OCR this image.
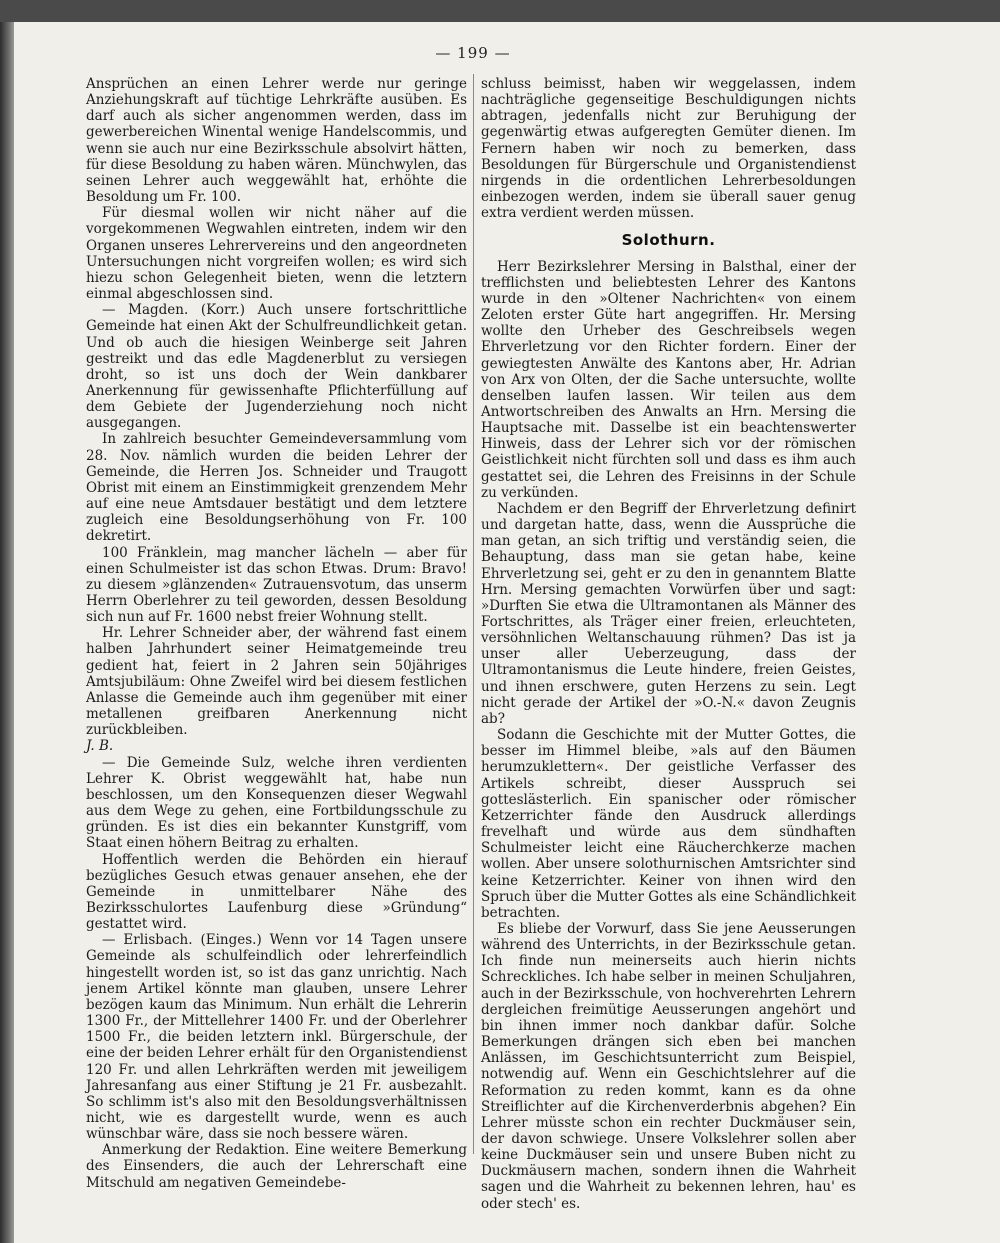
— 199 —

Ansprüchen an einen Lehrer werde nur geringe Anziehungskraft auf tüchtige Lehrkräfte ausüben. Es darf auch als sicher angenommen werden, dass im gewerbereichen Winental wenige Handelscommis, und wenn sie auch nur eine Bezirksschule absolvirt hätten, für diese Besoldung zu haben wären. Münchwylen, das seinen Lehrer auch weggewählt hat, erhöhte die Besoldung um Fr. 100.

Für diesmal wollen wir nicht näher auf die vorgekommenen Wegwahlen eintreten, indem wir den Organen unseres Lehrervereins und den angeordneten Untersuchungen nicht vorgreifen wollen; es wird sich hiezu schon Gelegenheit bieten, wenn die letztern einmal abgeschlossen sind.

— Magden. (Korr.) Auch unsere fortschrittliche Gemeinde hat einen Akt der Schulfreundlichkeit getan. Und ob auch die hiesigen Weinberge seit Jahren gestreikt und das edle Magdenerblut zu versiegen droht, so ist uns doch der Wein dankbarer Anerkennung für gewissenhafte Pflichterfüllung auf dem Gebiete der Jugenderziehung noch nicht ausgegangen.

In zahlreich besuchter Gemeindeversammlung vom 28. Nov. nämlich wurden die beiden Lehrer der Gemeinde, die Herren Jos. Schneider und Traugott Obrist mit einem an Einstimmigkeit grenzendem Mehr auf eine neue Amtsdauer bestätigt und dem letztere zugleich eine Besoldungserhöhung von Fr. 100 dekretirt.

100 Fränklein, mag mancher lächeln — aber für einen Schulmeister ist das schon Etwas. Drum: Bravo! zu diesem »glänzenden« Zutrauensvotum, das unserm Herrn Oberlehrer zu teil geworden, dessen Besoldung sich nun auf Fr. 1600 nebst freier Wohnung stellt.

Hr. Lehrer Schneider aber, der während fast einem halben Jahrhundert seiner Heimatgemeinde treu gedient hat, feiert in 2 Jahren sein 50jähriges Amtsjubiläum: Ohne Zweifel wird bei diesem festlichen Anlasse die Gemeinde auch ihm gegenüber mit einer metallenen greifbaren Anerkennung nicht zurückbleiben.

J. B.

— Die Gemeinde Sulz, welche ihren verdienten Lehrer K. Obrist weggewählt hat, habe nun beschlossen, um den Konsequenzen dieser Wegwahl aus dem Wege zu gehen, eine Fortbildungsschule zu gründen. Es ist dies ein bekannter Kunstgriff, vom Staat einen höhern Beitrag zu erhalten.

Hoffentlich werden die Behörden ein hierauf bezügliches Gesuch etwas genauer ansehen, ehe der Gemeinde in unmittelbarer Nähe des Bezirksschulortes Laufenburg diese »Gründung“ gestattet wird.

— Erlisbach. (Einges.) Wenn vor 14 Tagen unsere Gemeinde als schulfeindlich oder lehrerfeindlich hingestellt worden ist, so ist das ganz unrichtig. Nach jenem Artikel könnte man glauben, unsere Lehrer bezögen kaum das Minimum. Nun erhält die Lehrerin 1300 Fr., der Mittellehrer 1400 Fr. und der Oberlehrer 1500 Fr., die beiden letztern inkl. Bürgerschule, der eine der beiden Lehrer erhält für den Organistendienst 120 Fr. und allen Lehrkräften werden mit jeweiligem Jahresanfang aus einer Stiftung je 21 Fr. ausbezahlt. So schlimm ist's also mit den Besoldungsverhältnissen nicht, wie es dargestellt wurde, wenn es auch wünschbar wäre, dass sie noch bessere wären.

Anmerkung der Redaktion. Eine weitere Bemerkung des Einsenders, die auch der Lehrerschaft eine Mitschuld am negativen Gemeindebe-

schluss beimisst, haben wir weggelassen, indem nachträgliche gegenseitige Beschuldigungen nichts abtragen, jedenfalls nicht zur Beruhigung der gegenwärtig etwas aufgeregten Gemüter dienen. Im Fernern haben wir noch zu bemerken, dass Besoldungen für Bürgerschule und Organistendienst nirgends in die ordentlichen Lehrerbesoldungen einbezogen werden, indem sie überall sauer genug extra verdient werden müssen.

Solothurn.

Herr Bezirkslehrer Mersing in Balsthal, einer der trefflichsten und beliebtesten Lehrer des Kantons wurde in den »Oltener Nachrichten« von einem Zeloten erster Güte hart angegriffen. Hr. Mersing wollte den Urheber des Geschreibsels wegen Ehrverletzung vor den Richter fordern. Einer der gewiegtesten Anwälte des Kantons aber, Hr. Adrian von Arx von Olten, der die Sache untersuchte, wollte denselben laufen lassen. Wir teilen aus dem Antwortschreiben des Anwalts an Hrn. Mersing die Hauptsache mit. Dasselbe ist ein beachtenswerter Hinweis, dass der Lehrer sich vor der römischen Geistlichkeit nicht fürchten soll und dass es ihm auch gestattet sei, die Lehren des Freisinns in der Schule zu verkünden.

Nachdem er den Begriff der Ehrverletzung definirt und dargetan hatte, dass, wenn die Aussprüche die man getan, an sich triftig und verständig seien, die Behauptung, dass man sie getan habe, keine Ehrverletzung sei, geht er zu den in genanntem Blatte Hrn. Mersing gemachten Vorwürfen über und sagt: »Durften Sie etwa die Ultramontanen als Männer des Fortschrittes, als Träger einer freien, erleuchteten, versöhnlichen Weltanschauung rühmen? Das ist ja unser aller Ueberzeugung, dass der Ultramontanismus die Leute hindere, freien Geistes, und ihnen erschwere, guten Herzens zu sein. Legt nicht gerade der Artikel der »O.-N.« davon Zeugnis ab?

Sodann die Geschichte mit der Mutter Gottes, die besser im Himmel bleibe, »als auf den Bäumen herumzuklettern«. Der geistliche Verfasser des Artikels schreibt, dieser Ausspruch sei gotteslästerlich. Ein spanischer oder römischer Ketzerrichter fände den Ausdruck allerdings frevelhaft und würde aus dem sündhaften Schulmeister leicht eine Räucherchkerze machen wollen. Aber unsere solothurnischen Amtsrichter sind keine Ketzerrichter. Keiner von ihnen wird den Spruch über die Mutter Gottes als eine Schändlichkeit betrachten.

Es bliebe der Vorwurf, dass Sie jene Aeusserungen während des Unterrichts, in der Bezirksschule getan. Ich finde nun meinerseits auch hierin nichts Schreckliches. Ich habe selber in meinen Schuljahren, auch in der Bezirksschule, von hochverehrten Lehrern dergleichen freimütige Aeusserungen angehört und bin ihnen immer noch dankbar dafür. Solche Bemerkungen drängen sich eben bei manchen Anlässen, im Geschichtsunterricht zum Beispiel, notwendig auf. Wenn ein Geschichtslehrer auf die Reformation zu reden kommt, kann es da ohne Streiflichter auf die Kirchenverderbnis abgehen? Ein Lehrer müsste schon ein rechter Duckmäuser sein, der davon schwiege. Unsere Volkslehrer sollen aber keine Duckmäuser sein und unsere Buben nicht zu Duckmäusern machen, sondern ihnen die Wahrheit sagen und die Wahrheit zu bekennen lehren, hau' es oder stech' es.
